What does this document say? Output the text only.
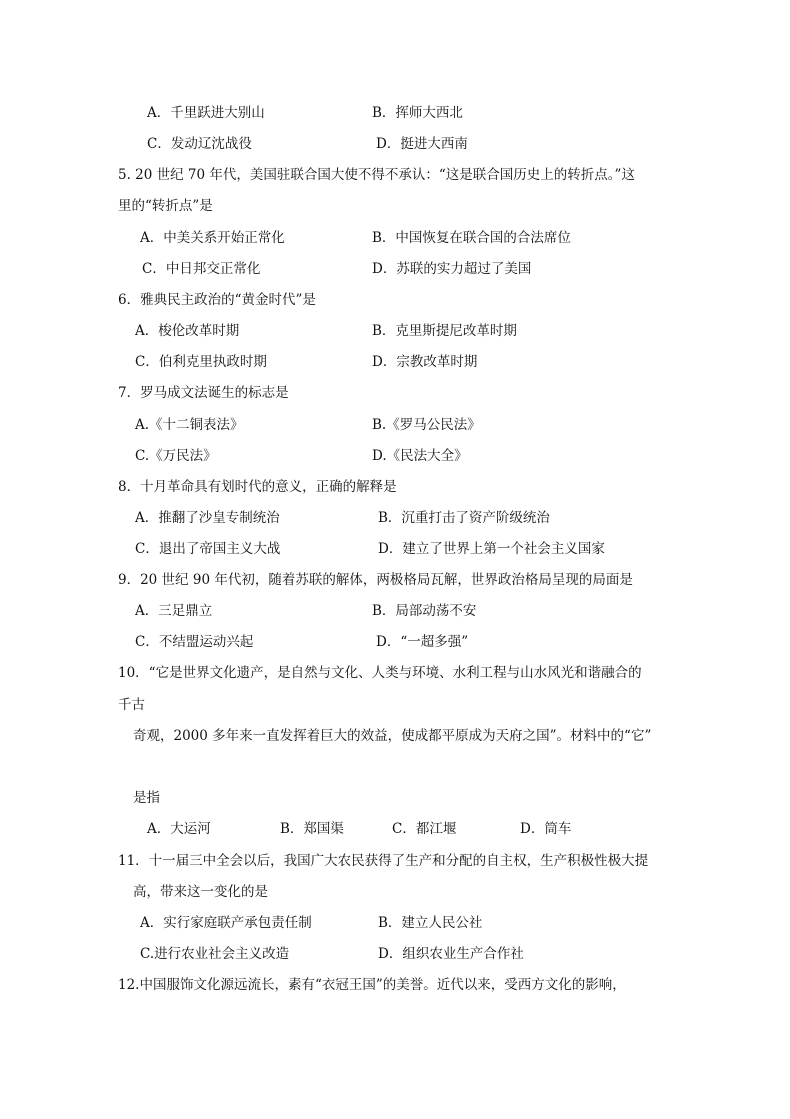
A．千里跃进大别山	B．挥师大西北
C．发动辽沈战役	D．挺进大西南
5. 20 世纪 70 年代，美国驻联合国大使不得不承认：“这是联合国历史上的转折点。”这
里的“转折点”是
A．中美关系开始正常化	B．中国恢复在联合国的合法席位
C．中日邦交正常化	D．苏联的实力超过了美国
6．雅典民主政治的“黄金时代”是
A．梭伦改革时期	B．克里斯提尼改革时期
C．伯利克里执政时期	D．宗教改革时期
7．罗马成文法诞生的标志是
A.《十二铜表法》	B.《罗马公民法》
C.《万民法》	D.《民法大全》
8．十月革命具有划时代的意义，正确的解释是
A．推翻了沙皇专制统治	B．沉重打击了资产阶级统治
C．退出了帝国主义大战	D．建立了世界上第一个社会主义国家
9．20 世纪 90 年代初，随着苏联的解体，两极格局瓦解，世界政治格局呈现的局面是
A．三足鼎立	B．局部动荡不安
C．不结盟运动兴起	D．“一超多强”
10．“它是世界文化遗产，是自然与文化、人类与环境、水利工程与山水风光和谐融合的
千古
奇观，2000 多年来一直发挥着巨大的效益，使成都平原成为天府之国”。材料中的“它”
是指
A．大运河	B．郑国渠	C．都江堰	D．筒车
11．十一届三中全会以后，我国广大农民获得了生产和分配的自主权，生产积极性极大提
高，带来这一变化的是
A．实行家庭联产承包责任制	B．建立人民公社
C.进行农业社会主义改造	D．组织农业生产合作社
12.中国服饰文化源远流长，素有“衣冠王国”的美誉。近代以来，受西方文化的影响，
